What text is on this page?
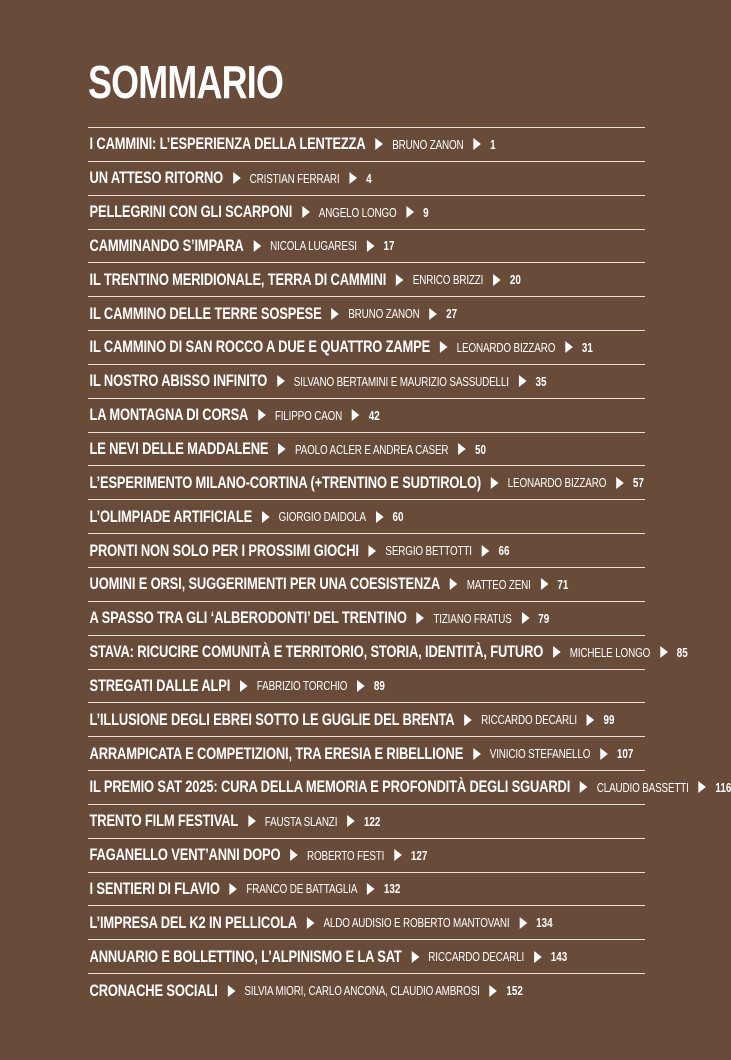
SOMMARIO
I CAMMINI: L’ESPERIENZA DELLA LENTEZZA BRUNO ZANON 1
UN ATTESO RITORNO CRISTIAN FERRARI 4
PELLEGRINI CON GLI SCARPONI ANGELO LONGO 9
CAMMINANDO S’IMPARA NICOLA LUGARESI 17
IL TRENTINO MERIDIONALE, TERRA DI CAMMINI ENRICO BRIZZI 20
IL CAMMINO DELLE TERRE SOSPESE BRUNO ZANON 27
IL CAMMINO DI SAN ROCCO A DUE E QUATTRO ZAMPE LEONARDO BIZZARO 31
IL NOSTRO ABISSO INFINITO SILVANO BERTAMINI E MAURIZIO SASSUDELLI 35
LA MONTAGNA DI CORSA FILIPPO CAON 42
LE NEVI DELLE MADDALENE PAOLO ACLER E ANDREA CASER 50
L’ESPERIMENTO MILANO-CORTINA (+TRENTINO E SUDTIROLO) LEONARDO BIZZARO 57
L’OLIMPIADE ARTIFICIALE GIORGIO DAIDOLA 60
PRONTI NON SOLO PER I PROSSIMI GIOCHI SERGIO BETTOTTI 66
UOMINI E ORSI, SUGGERIMENTI PER UNA COESISTENZA MATTEO ZENI 71
A SPASSO TRA GLI ‘ALBERODONTI’ DEL TRENTINO TIZIANO FRATUS 79
STAVA: RICUCIRE COMUNITÀ E TERRITORIO, STORIA, IDENTITÀ, FUTURO MICHELE LONGO 85
STREGATI DALLE ALPI FABRIZIO TORCHIO 89
L’ILLUSIONE DEGLI EBREI SOTTO LE GUGLIE DEL BRENTA RICCARDO DECARLI 99
ARRAMPICATA E COMPETIZIONI, TRA ERESIA E RIBELLIONE VINICIO STEFANELLO 107
IL PREMIO SAT 2025: CURA DELLA MEMORIA E PROFONDITÀ DEGLI SGUARDI CLAUDIO BASSETTI 116
TRENTO FILM FESTIVAL FAUSTA SLANZI 122
FAGANELLO VENT’ANNI DOPO ROBERTO FESTI 127
I SENTIERI DI FLAVIO FRANCO DE BATTAGLIA 132
L’IMPRESA DEL K2 IN PELLICOLA ALDO AUDISIO E ROBERTO MANTOVANI 134
ANNUARIO E BOLLETTINO, L’ALPINISMO E LA SAT RICCARDO DECARLI 143
CRONACHE SOCIALI SILVIA MIORI, CARLO ANCONA, CLAUDIO AMBROSI 152
